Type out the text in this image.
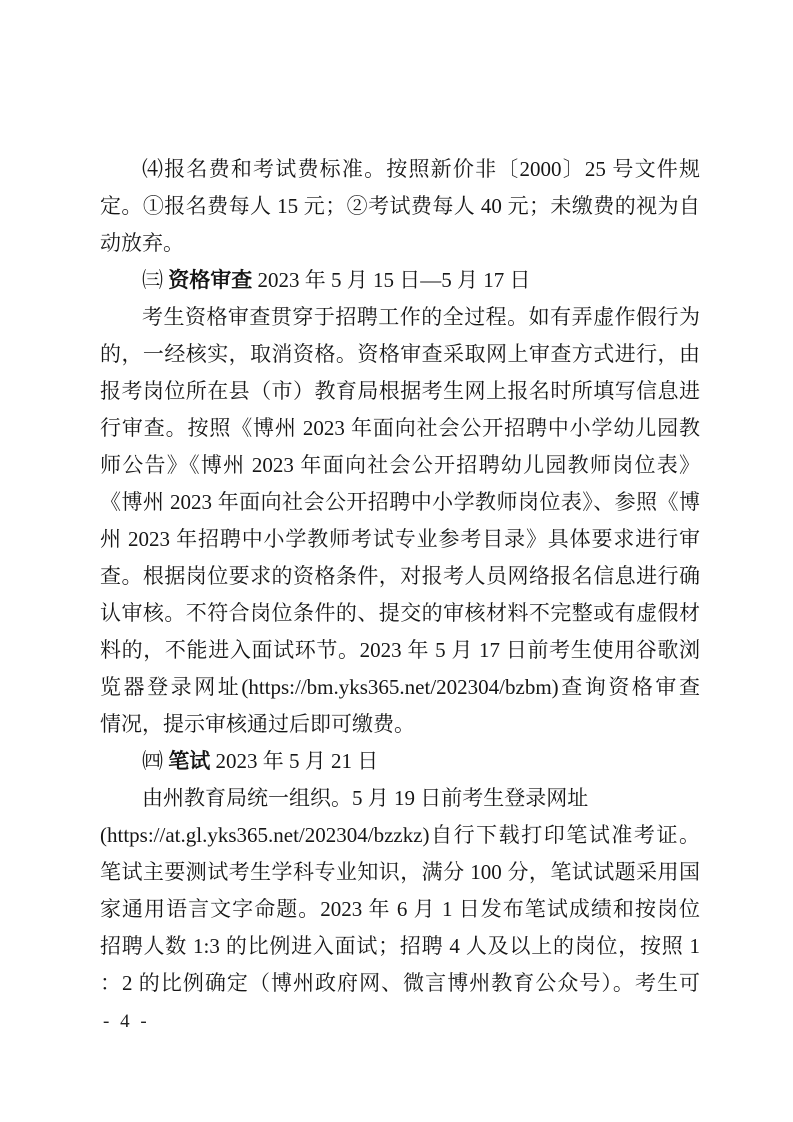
⑷报名费和考试费标准。按照新价非〔2000〕25 号文件规
定。①报名费每人 15 元；②考试费每人 40 元；未缴费的视为自
动放弃。
㈢ 资格审查 2023 年 5 月 15 日—5 月 17 日
考生资格审查贯穿于招聘工作的全过程。如有弄虚作假行为
的，一经核实，取消资格。资格审查采取网上审查方式进行，由
报考岗位所在县（市）教育局根据考生网上报名时所填写信息进
行审查。按照《博州 2023 年面向社会公开招聘中小学幼儿园教
师公告》《博州 2023 年面向社会公开招聘幼儿园教师岗位表》
《博州 2023 年面向社会公开招聘中小学教师岗位表》、参照《博
州 2023 年招聘中小学教师考试专业参考目录》具体要求进行审
查。根据岗位要求的资格条件，对报考人员网络报名信息进行确
认审核。不符合岗位条件的、提交的审核材料不完整或有虚假材
料的，不能进入面试环节。2023 年 5 月 17 日前考生使用谷歌浏
览器登录网址(https://bm.yks365.net/202304/bzbm)查询资格审查
情况，提示审核通过后即可缴费。
㈣ 笔试 2023 年 5 月 21 日
由州教育局统一组织。5 月 19 日前考生登录网址
(https://at.gl.yks365.net/202304/bzzkz)自行下载打印笔试准考证。
笔试主要测试考生学科专业知识，满分 100 分，笔试试题采用国
家通用语言文字命题。2023 年 6 月 1 日发布笔试成绩和按岗位
招聘人数 1:3 的比例进入面试；招聘 4 人及以上的岗位，按照 1
：2 的比例确定（博州政府网、微言博州教育公众号）。考生可
- 4 -
